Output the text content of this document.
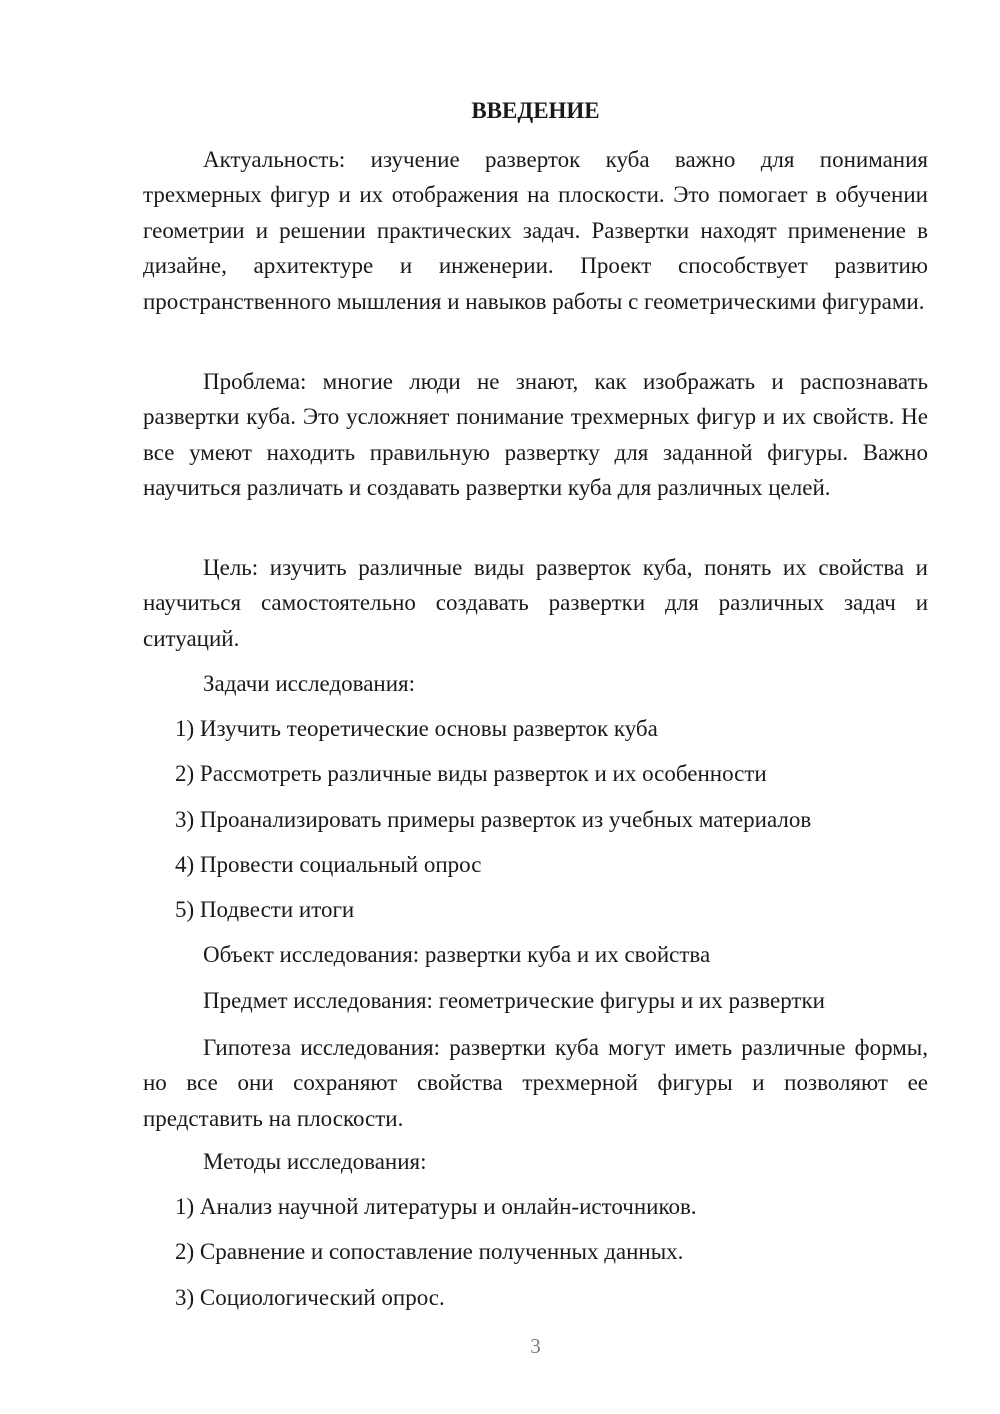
ВВЕДЕНИЕ

Актуальность: изучение разверток куба важно для понимания трехмерных фигур и их отображения на плоскости. Это помогает в обучении геометрии и решении практических задач. Развертки находят применение в дизайне, архитектуре и инженерии. Проект способствует развитию пространственного мышления и навыков работы с геометрическими фигурами.

Проблема: многие люди не знают, как изображать и распознавать развертки куба. Это усложняет понимание трехмерных фигур и их свойств. Не все умеют находить правильную развертку для заданной фигуры. Важно научиться различать и создавать развертки куба для различных целей.

Цель: изучить различные виды разверток куба, понять их свойства и научиться самостоятельно создавать развертки для различных задач и ситуаций.

Задачи исследования:

1) Изучить теоретические основы разверток куба

2) Рассмотреть различные виды разверток и их особенности

3) Проанализировать примеры разверток из учебных материалов

4) Провести социальный опрос

5) Подвести итоги

Объект исследования: развертки куба и их свойства

Предмет исследования: геометрические фигуры и их развертки

Гипотеза исследования: развертки куба могут иметь различные формы, но все они сохраняют свойства трехмерной фигуры и позволяют ее представить на плоскости.

Методы исследования:

1) Анализ научной литературы и онлайн-источников.

2) Сравнение и сопоставление полученных данных.

3) Социологический опрос.

3
